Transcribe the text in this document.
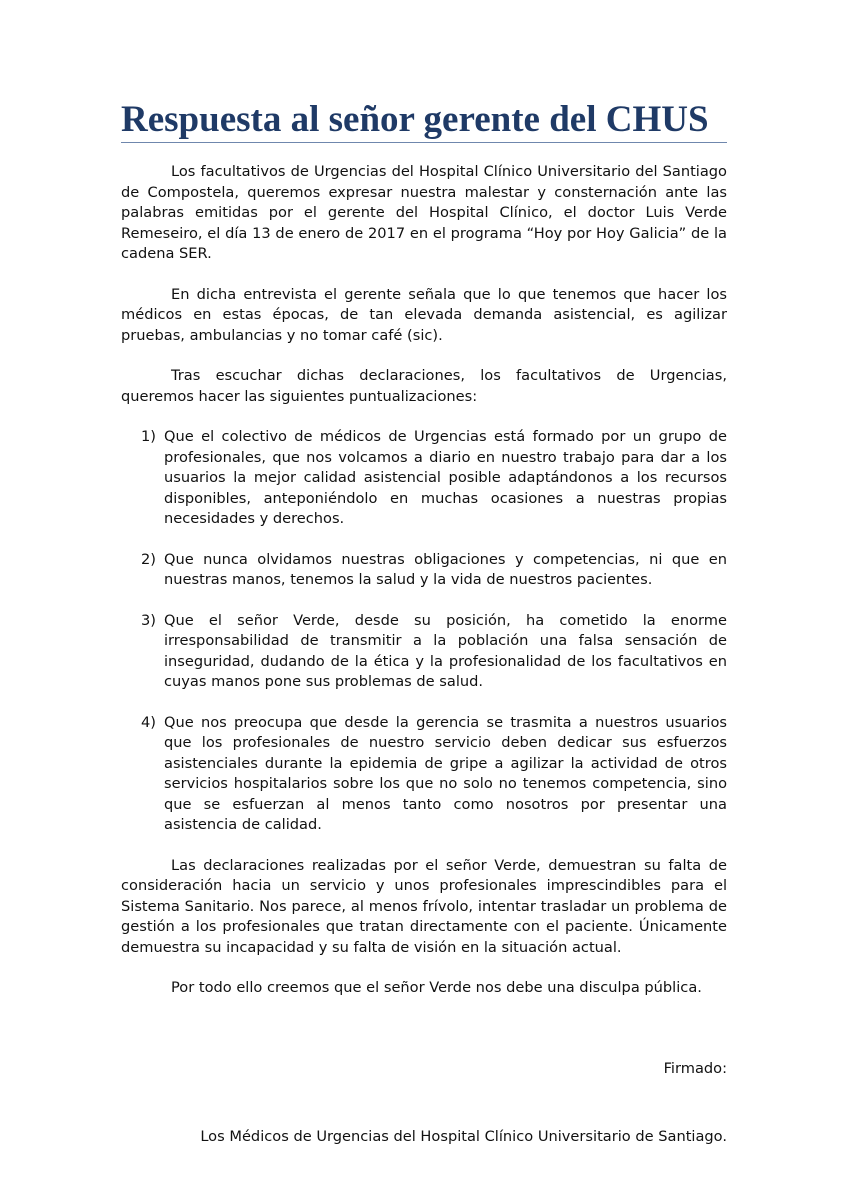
Respuesta al señor gerente del CHUS

Los facultativos de Urgencias del Hospital Clínico Universitario del Santiago de Compostela, queremos expresar nuestra malestar y consternación ante las palabras emitidas por el gerente del Hospital Clínico, el doctor Luis Verde Remeseiro, el día 13 de enero de 2017 en el programa “Hoy por Hoy Galicia” de la cadena SER.

En dicha entrevista el gerente señala que lo que tenemos que hacer los médicos en estas épocas, de tan elevada demanda asistencial, es agilizar pruebas, ambulancias y no tomar café (sic).

Tras escuchar dichas declaraciones, los facultativos de Urgencias, queremos hacer las siguientes puntualizaciones:

1) Que el colectivo de médicos de Urgencias está formado por un grupo de profesionales, que nos volcamos a diario en nuestro trabajo para dar a los usuarios la mejor calidad asistencial posible adaptándonos a los recursos disponibles, anteponiéndolo en muchas ocasiones a nuestras propias necesidades y derechos.
2) Que nunca olvidamos nuestras obligaciones y competencias, ni que en nuestras manos, tenemos la salud y la vida de nuestros pacientes.
3) Que el señor Verde, desde su posición, ha cometido la enorme irresponsabilidad de transmitir a la población una falsa sensación de inseguridad, dudando de la ética y la profesionalidad de los facultativos en cuyas manos pone sus problemas de salud.
4) Que nos preocupa que desde la gerencia se trasmita a nuestros usuarios que los profesionales de nuestro servicio deben dedicar sus esfuerzos asistenciales durante la epidemia de gripe a agilizar la actividad de otros servicios hospitalarios sobre los que no solo no tenemos competencia, sino que se esfuerzan al menos tanto como nosotros por presentar una asistencia de calidad.

Las declaraciones realizadas por el señor Verde, demuestran su falta de consideración hacia un servicio y unos profesionales imprescindibles para el Sistema Sanitario. Nos parece, al menos frívolo, intentar trasladar un problema de gestión a los profesionales que tratan directamente con el paciente. Únicamente demuestra su incapacidad y su falta de visión en la situación actual.

Por todo ello creemos que el señor Verde nos debe una disculpa pública.

Firmado:

Los Médicos de Urgencias del Hospital Clínico Universitario de Santiago.
